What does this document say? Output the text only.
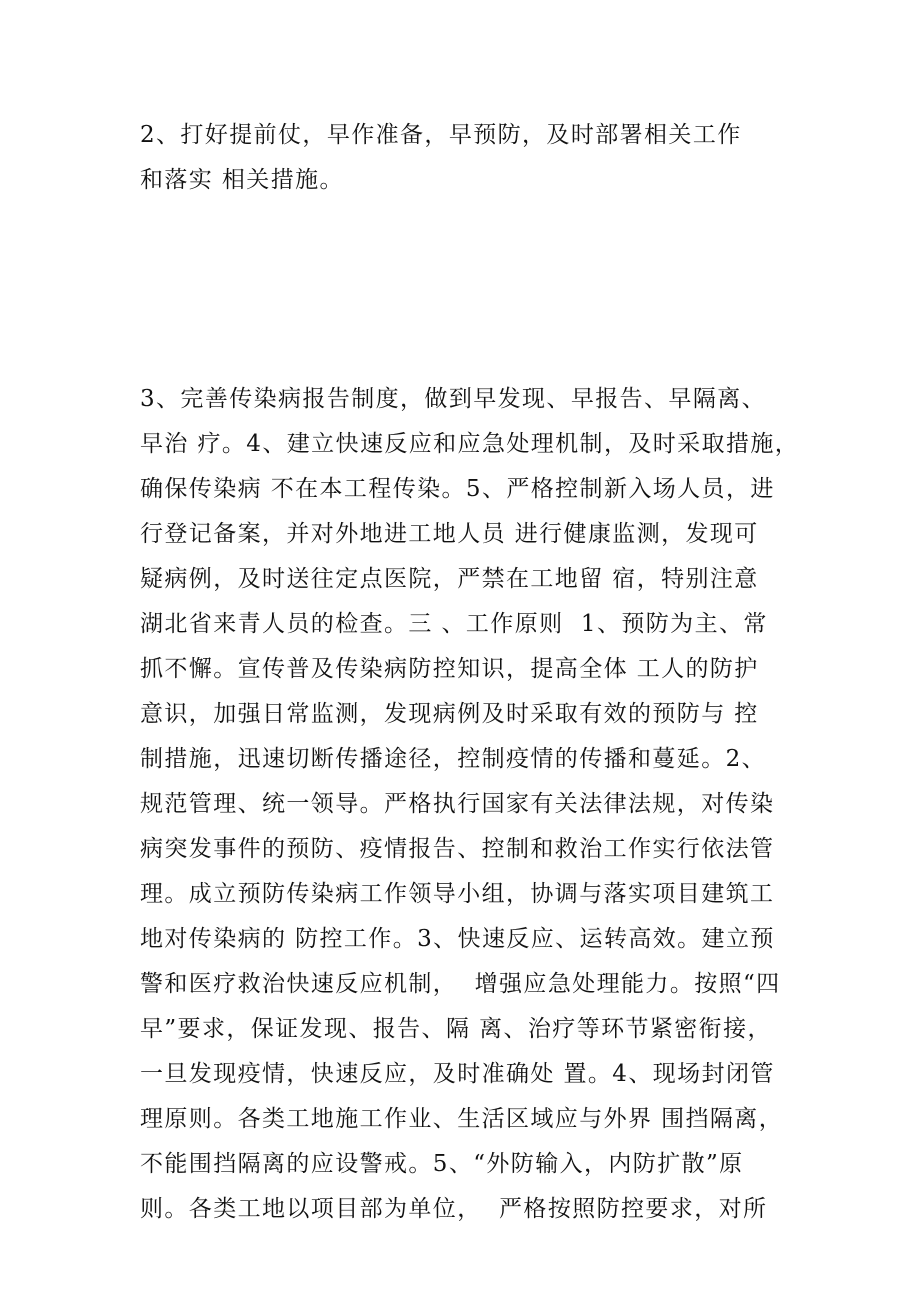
2、打好提前仗，早作准备，早预防，及时部署相关工作
和落实 相关措施。
3、完善传染病报告制度，做到早发现、早报告、早隔离、
早治 疗。4、建立快速反应和应急处理机制，及时采取措施，
确保传染病 不在本工程传染。5、严格控制新入场人员，进
行登记备案，并对外地进工地人员 进行健康监测，发现可
疑病例，及时送往定点医院，严禁在工地留 宿，特别注意
湖北省来青人员的检查。三 、工作原则  1、预防为主、常
抓不懈。宣传普及传染病防控知识，提高全体 工人的防护
意识，加强日常监测，发现病例及时采取有效的预防与 控
制措施，迅速切断传播途径，控制疫情的传播和蔓延。2、
规范管理、统一领导。严格执行国家有关法律法规，对传染
病突发事件的预防、疫情报告、控制和救治工作实行依法管
理。成立预防传染病工作领导小组，协调与落实项目建筑工
地对传染病的 防控工作。3、快速反应、运转高效。建立预
警和医疗救治快速反应机制，  增强应急处理能力。按照“四
早”要求，保证发现、报告、隔 离、治疗等环节紧密衔接，
一旦发现疫情，快速反应，及时准确处 置。4、现场封闭管
理原则。各类工地施工作业、生活区域应与外界 围挡隔离，
不能围挡隔离的应设警戒。5、“外防输入，内防扩散”原
则。各类工地以项目部为单位，  严格按照防控要求，对所
